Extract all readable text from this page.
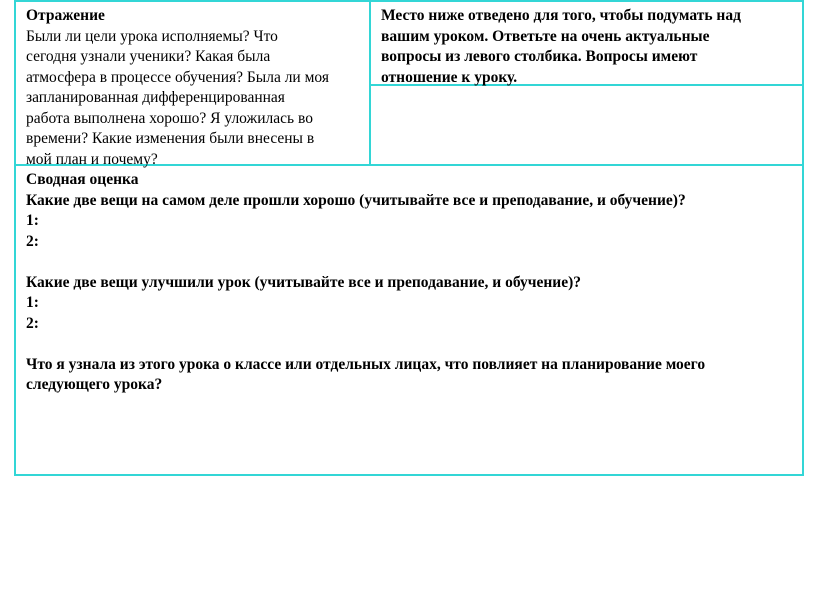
Отражение

Были ли цели урока исполняемы? Что

сегодня узнали ученики? Какая была

атмосфера в процессе обучения? Была ли моя

запланированная дифференцированная

работа выполнена хорошо? Я уложилась во

времени? Какие изменения были внесены в

мой план и почему?

Место ниже отведено для того, чтобы подумать над

вашим уроком. Ответьте на очень актуальные

вопросы из левого столбика. Вопросы имеют

отношение к уроку.

Сводная оценка

Какие две вещи на самом деле прошли хорошо (учитывайте все и преподавание, и обучение)?

1:

2:

Какие две вещи улучшили урок (учитывайте все и преподавание, и обучение)?

1:

2:

Что я узнала из этого урока о классе или отдельных лицах, что повлияет на планирование моего

следующего урока?
